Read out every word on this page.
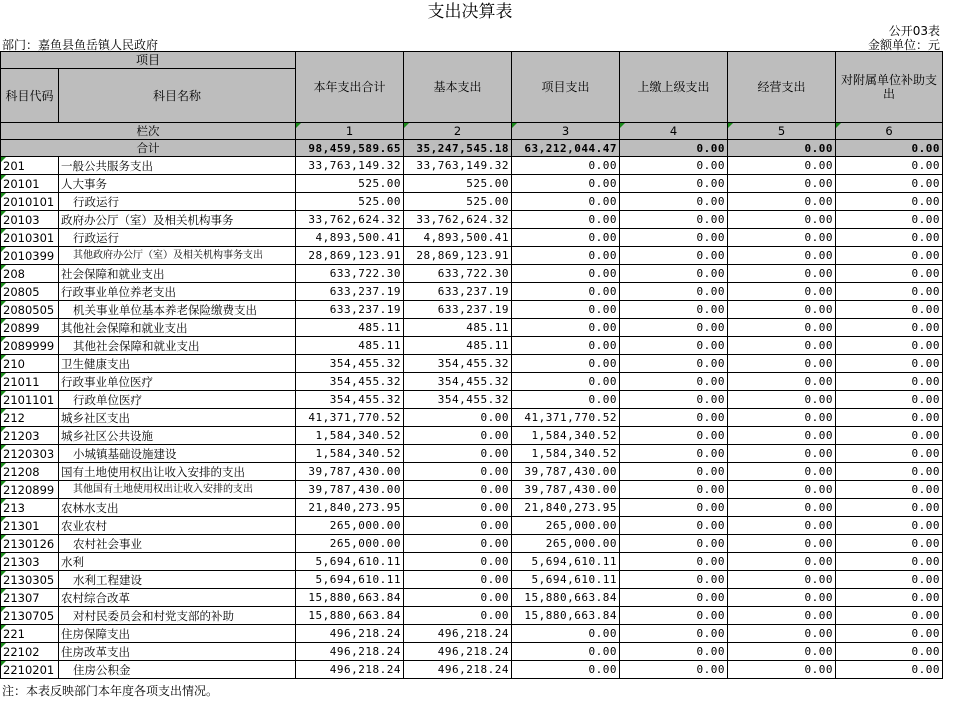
支出决算表
公开03表
部门：嘉鱼县鱼岳镇人民政府	金额单位：元
项目		本年支出合计	基本支出	项目支出	上缴上级支出	经营支出	对附属单位补助支出
科目代码	科目名称						
栏次		1	2	3	4	5	6
合计		98,459,589.65	35,247,545.18	63,212,044.47	0.00	0.00	0.00
201	一般公共服务支出	33,763,149.32	33,763,149.32	0.00	0.00	0.00	0.00
20101	人大事务	525.00	525.00	0.00	0.00	0.00	0.00
2010101	行政运行	525.00	525.00	0.00	0.00	0.00	0.00
20103	政府办公厅（室）及相关机构事务	33,762,624.32	33,762,624.32	0.00	0.00	0.00	0.00
2010301	行政运行	4,893,500.41	4,893,500.41	0.00	0.00	0.00	0.00
2010399	其他政府办公厅（室）及相关机构事务支出	28,869,123.91	28,869,123.91	0.00	0.00	0.00	0.00
208	社会保障和就业支出	633,722.30	633,722.30	0.00	0.00	0.00	0.00
20805	行政事业单位养老支出	633,237.19	633,237.19	0.00	0.00	0.00	0.00
2080505	机关事业单位基本养老保险缴费支出	633,237.19	633,237.19	0.00	0.00	0.00	0.00
20899	其他社会保障和就业支出	485.11	485.11	0.00	0.00	0.00	0.00
2089999	其他社会保障和就业支出	485.11	485.11	0.00	0.00	0.00	0.00
210	卫生健康支出	354,455.32	354,455.32	0.00	0.00	0.00	0.00
21011	行政事业单位医疗	354,455.32	354,455.32	0.00	0.00	0.00	0.00
2101101	行政单位医疗	354,455.32	354,455.32	0.00	0.00	0.00	0.00
212	城乡社区支出	41,371,770.52	0.00	41,371,770.52	0.00	0.00	0.00
21203	城乡社区公共设施	1,584,340.52	0.00	1,584,340.52	0.00	0.00	0.00
2120303	小城镇基础设施建设	1,584,340.52	0.00	1,584,340.52	0.00	0.00	0.00
21208	国有土地使用权出让收入安排的支出	39,787,430.00	0.00	39,787,430.00	0.00	0.00	0.00
2120899	其他国有土地使用权出让收入安排的支出	39,787,430.00	0.00	39,787,430.00	0.00	0.00	0.00
213	农林水支出	21,840,273.95	0.00	21,840,273.95	0.00	0.00	0.00
21301	农业农村	265,000.00	0.00	265,000.00	0.00	0.00	0.00
2130126	农村社会事业	265,000.00	0.00	265,000.00	0.00	0.00	0.00
21303	水利	5,694,610.11	0.00	5,694,610.11	0.00	0.00	0.00
2130305	水利工程建设	5,694,610.11	0.00	5,694,610.11	0.00	0.00	0.00
21307	农村综合改革	15,880,663.84	0.00	15,880,663.84	0.00	0.00	0.00
2130705	对村民委员会和村党支部的补助	15,880,663.84	0.00	15,880,663.84	0.00	0.00	0.00
221	住房保障支出	496,218.24	496,218.24	0.00	0.00	0.00	0.00
22102	住房改革支出	496,218.24	496,218.24	0.00	0.00	0.00	0.00
2210201	住房公积金	496,218.24	496,218.24	0.00	0.00	0.00	0.00
注：本表反映部门本年度各项支出情况。
